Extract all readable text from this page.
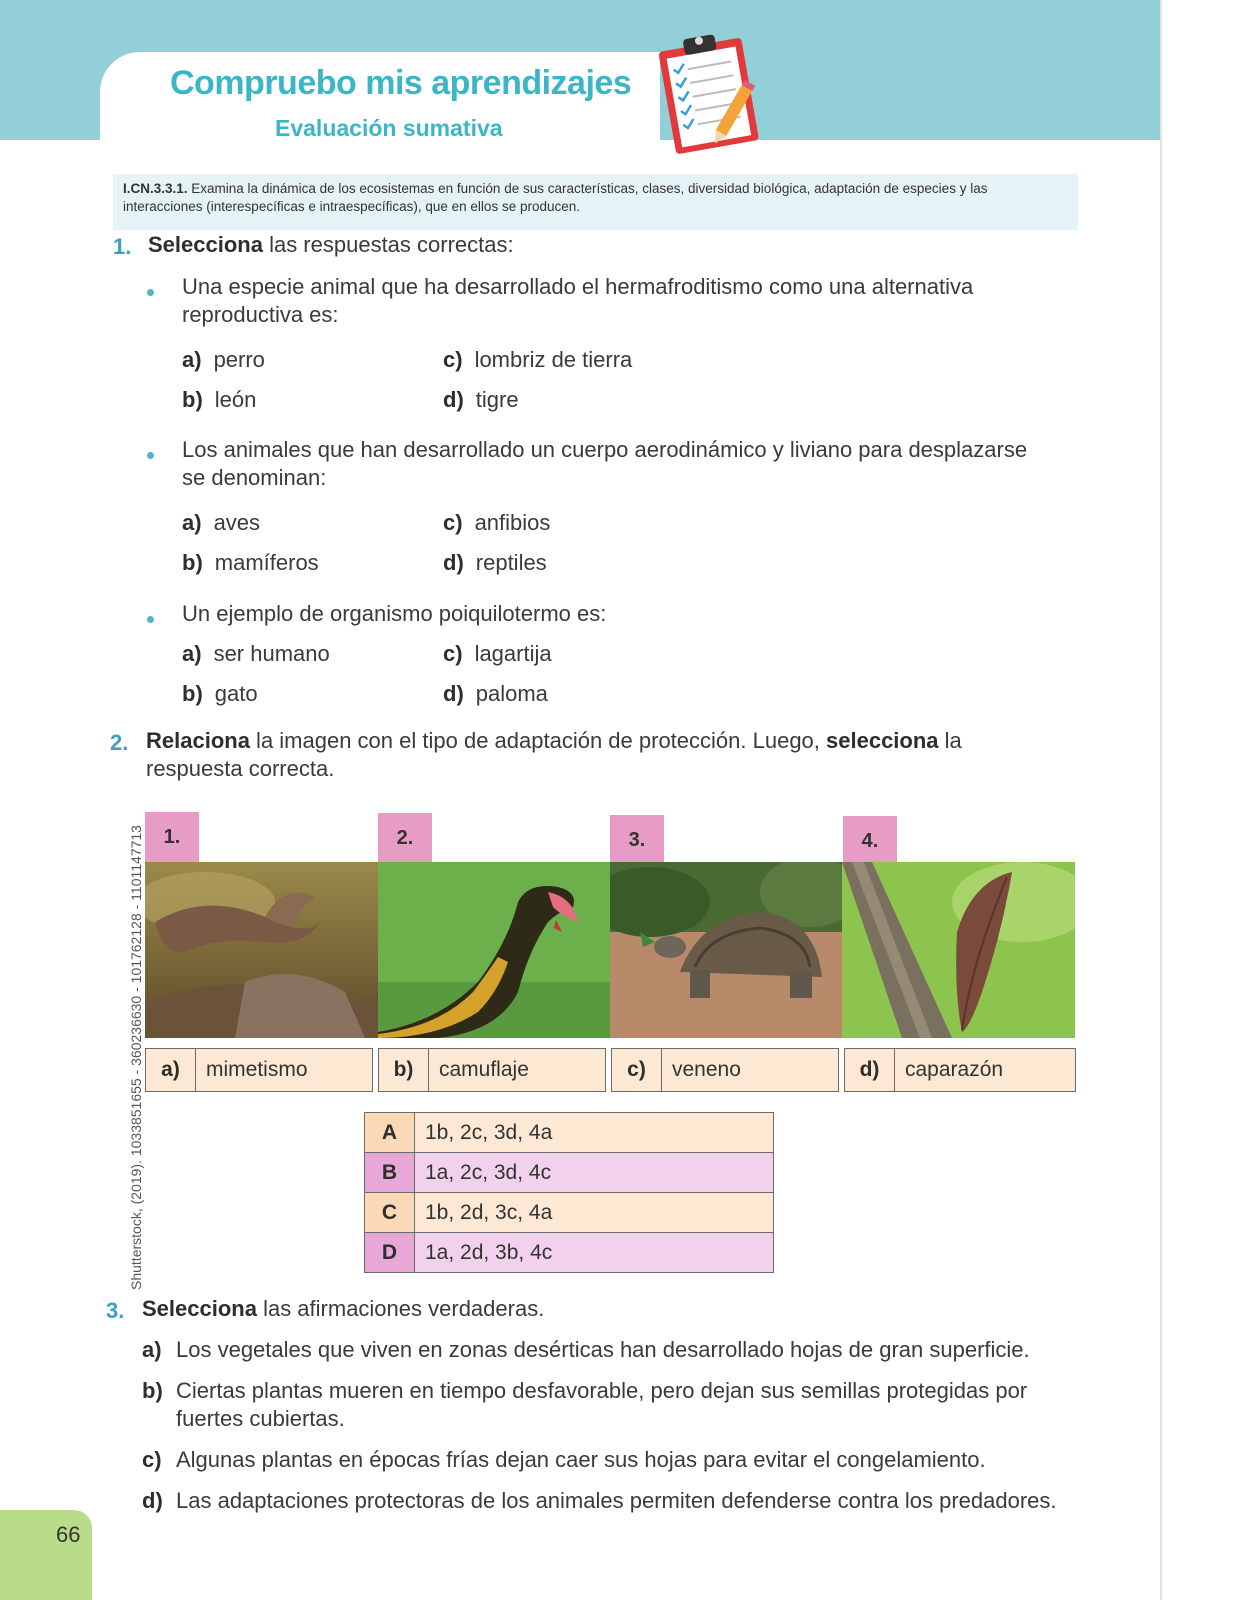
Compruebo mis aprendizajes
Evaluación sumativa
I.CN.3.3.1. Examina la dinámica de los ecosistemas en función de sus características, clases, diversidad biológica, adaptación de especies y las interacciones (interespecíficas e intraespecíficas), que en ellos se producen.
1. Selecciona las respuestas correctas:
Una especie animal que ha desarrollado el hermafroditismo como una alternativa reproductiva es:
a) perro
b) león
c) lombriz de tierra
d) tigre
Los animales que han desarrollado un cuerpo aerodinámico y liviano para desplazarse se denominan:
a) aves
b) mamíferos
c) anfibios
d) reptiles
Un ejemplo de organismo poiquilotermo es:
a) ser humano
b) gato
c) lagartija
d) paloma
2. Relaciona la imagen con el tipo de adaptación de protección. Luego, selecciona la respuesta correcta.
1.	2.	3.	4.
a)	mimetismo	b)	camuflaje	c)	veneno	d)	caparazón
Shutterstock, (2019). 1033851655 - 360236630 - 101762128 - 1101147713	A	1b, 2c, 3d, 4a
B	1a, 2c, 3d, 4c
C	1b, 2d, 3c, 4a
D	1a, 2d, 3b, 4c
3. Selecciona las afirmaciones verdaderas.
a) Los vegetales que viven en zonas desérticas han desarrollado hojas de gran superficie.
b) Ciertas plantas mueren en tiempo desfavorable, pero dejan sus semillas protegidas por fuertes cubiertas.
c) Algunas plantas en épocas frías dejan caer sus hojas para evitar el congelamiento.
d) Las adaptaciones protectoras de los animales permiten defenderse contra los predadores.
66
